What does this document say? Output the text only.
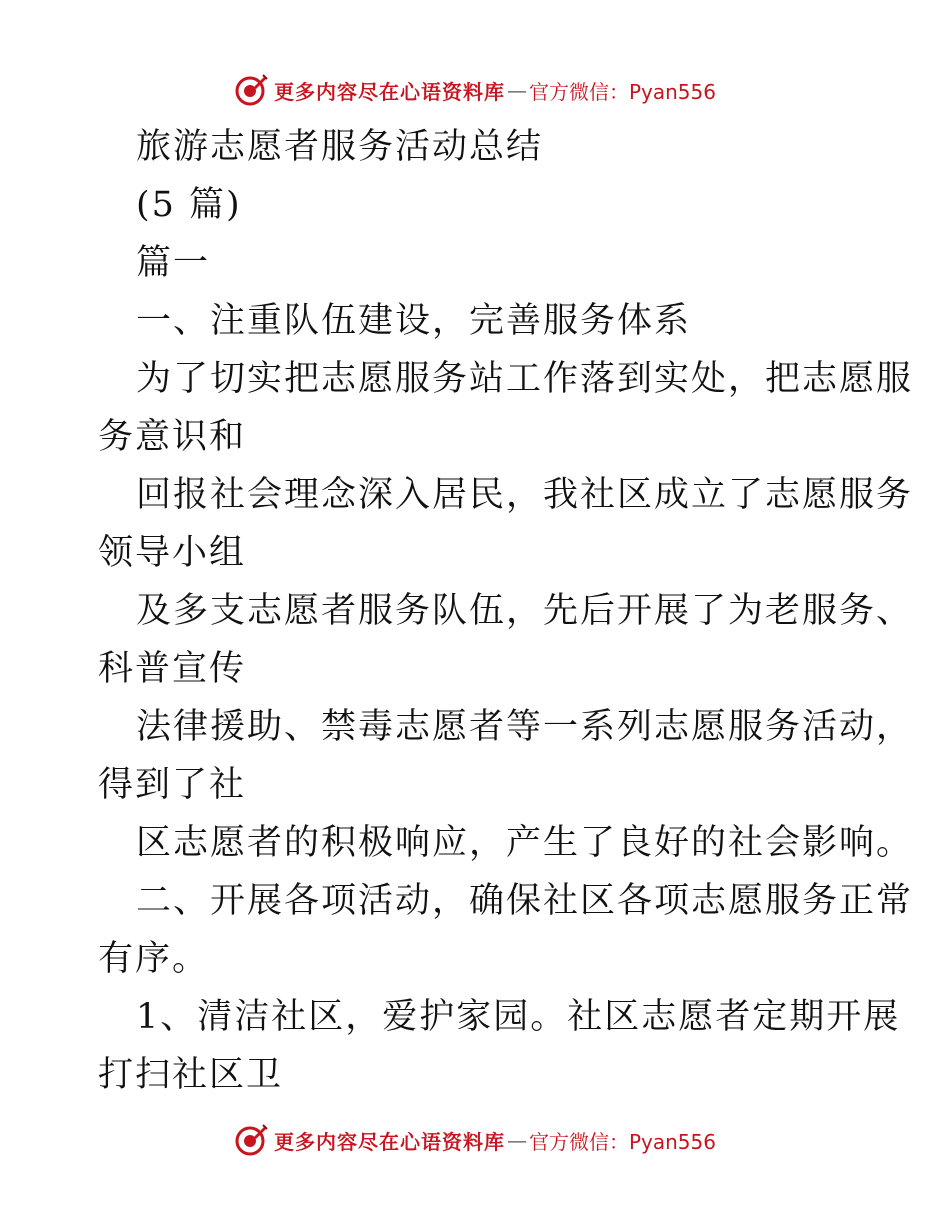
更多内容尽在心语资料库 — 官方微信：Pyan556
旅游志愿者服务活动总结
(5 篇)
篇一
一、注重队伍建设，完善服务体系
为了切实把志愿服务站工作落到实处，把志愿服
务意识和
回报社会理念深入居民，我社区成立了志愿服务
领导小组
及多支志愿者服务队伍，先后开展了为老服务、
科普宣传
法律援助、禁毒志愿者等一系列志愿服务活动，
得到了社
区志愿者的积极响应，产生了良好的社会影响。
二、开展各项活动，确保社区各项志愿服务正常
有序。
1、清洁社区，爱护家园。社区志愿者定期开展
打扫社区卫
更多内容尽在心语资料库 — 官方微信：Pyan556
